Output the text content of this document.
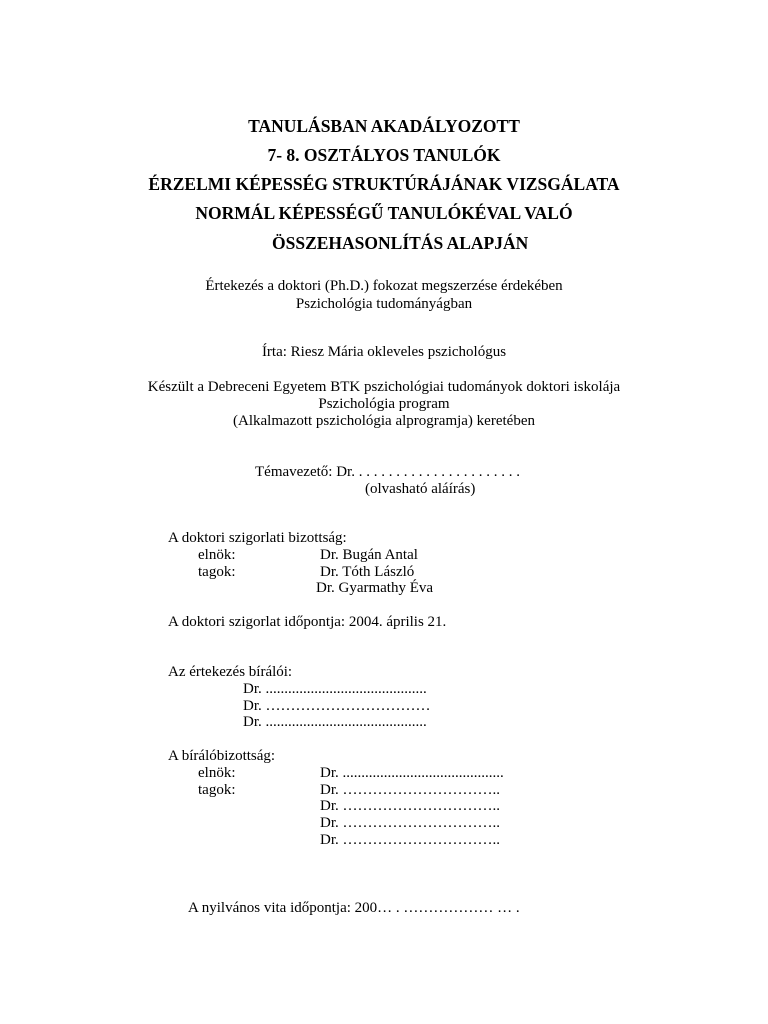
TANULÁSBAN AKADÁLYOZOTT
7- 8. OSZTÁLYOS TANULÓK
ÉRZELMI KÉPESSÉG STRUKTÚRÁJÁNAK VIZSGÁLATA
NORMÁL KÉPESSÉGŰ TANULÓKÉVAL VALÓ
ÖSSZEHASONLÍTÁS ALAPJÁN
Értekezés a doktori (Ph.D.) fokozat megszerzése érdekében
Pszichológia tudományágban
Írta: Riesz Mária okleveles pszichológus
Készült a Debreceni Egyetem BTK pszichológiai tudományok doktori iskolája
Pszichológia program
(Alkalmazott pszichológia alprogramja) keretében
Témavezető: Dr. . . . . . . . . . . . . . . . . . . . . . .
(olvasható aláírás)
A doktori szigorlati bizottság:
elnök:	Dr. Bugán Antal
tagok:	Dr. Tóth László
Dr. Gyarmathy Éva
A doktori szigorlat időpontja: 2004. április 21.
Az értekezés bírálói:
Dr. ...........................................
Dr. ……………………………
Dr. ...........................................
A bírálóbizottság:
elnök:	Dr. ...........................................
tagok:	Dr. …………………………..
Dr. …………………………..
Dr. …………………………..
Dr. …………………………..
A nyilvános vita időpontja: 200… . ……………… … .
